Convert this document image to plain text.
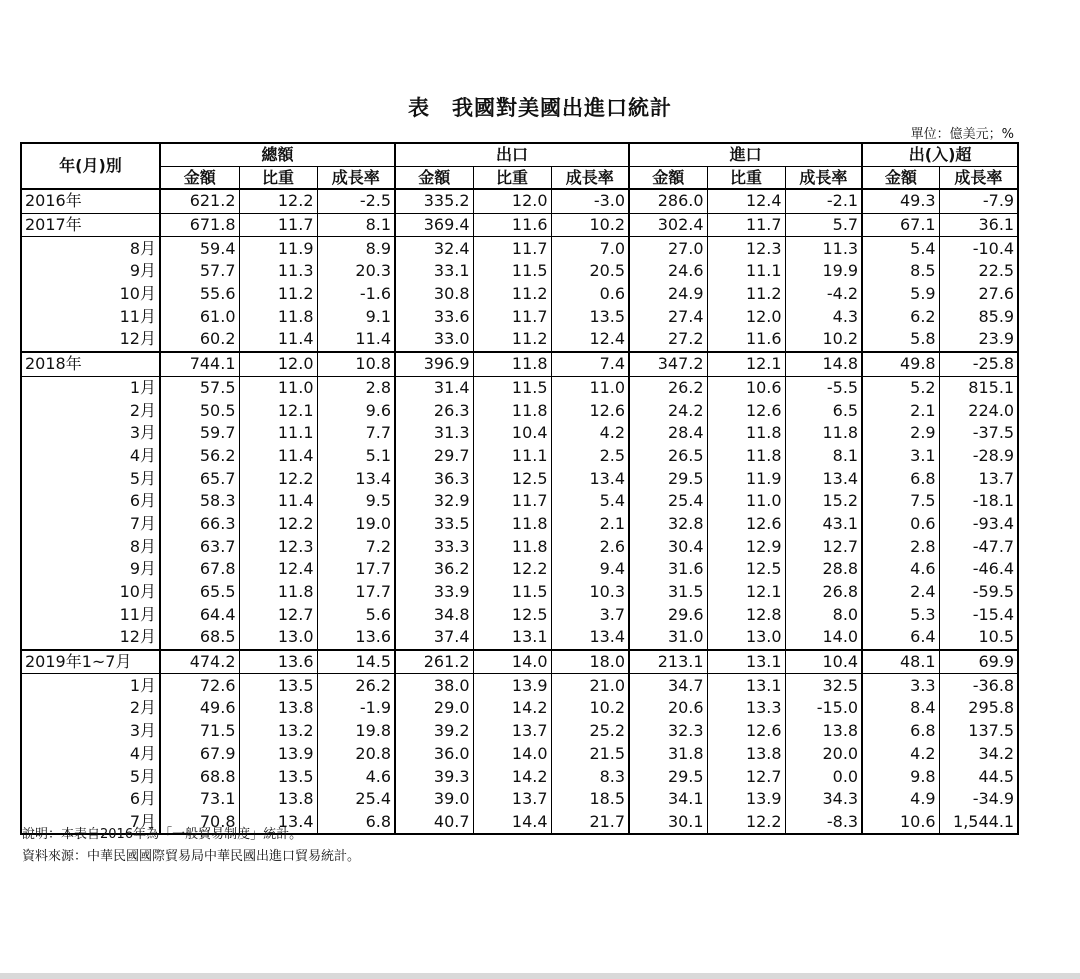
表 我國對美國出進口統計
單位：億美元；%
年(月)別	總額			出口			進口			出(入)超	
	金額	比重	成長率	金額	比重	成長率	金額	比重	成長率	金額	成長率
2016年	621.2	12.2	-2.5	335.2	12.0	-3.0	286.0	12.4	-2.1	49.3	-7.9
2017年	671.8	11.7	8.1	369.4	11.6	10.2	302.4	11.7	5.7	67.1	36.1
8月	59.4	11.9	8.9	32.4	11.7	7.0	27.0	12.3	11.3	5.4	-10.4
9月	57.7	11.3	20.3	33.1	11.5	20.5	24.6	11.1	19.9	8.5	22.5
10月	55.6	11.2	-1.6	30.8	11.2	0.6	24.9	11.2	-4.2	5.9	27.6
11月	61.0	11.8	9.1	33.6	11.7	13.5	27.4	12.0	4.3	6.2	85.9
12月	60.2	11.4	11.4	33.0	11.2	12.4	27.2	11.6	10.2	5.8	23.9
2018年	744.1	12.0	10.8	396.9	11.8	7.4	347.2	12.1	14.8	49.8	-25.8
1月	57.5	11.0	2.8	31.4	11.5	11.0	26.2	10.6	-5.5	5.2	815.1
2月	50.5	12.1	9.6	26.3	11.8	12.6	24.2	12.6	6.5	2.1	224.0
3月	59.7	11.1	7.7	31.3	10.4	4.2	28.4	11.8	11.8	2.9	-37.5
4月	56.2	11.4	5.1	29.7	11.1	2.5	26.5	11.8	8.1	3.1	-28.9
5月	65.7	12.2	13.4	36.3	12.5	13.4	29.5	11.9	13.4	6.8	13.7
6月	58.3	11.4	9.5	32.9	11.7	5.4	25.4	11.0	15.2	7.5	-18.1
7月	66.3	12.2	19.0	33.5	11.8	2.1	32.8	12.6	43.1	0.6	-93.4
8月	63.7	12.3	7.2	33.3	11.8	2.6	30.4	12.9	12.7	2.8	-47.7
9月	67.8	12.4	17.7	36.2	12.2	9.4	31.6	12.5	28.8	4.6	-46.4
10月	65.5	11.8	17.7	33.9	11.5	10.3	31.5	12.1	26.8	2.4	-59.5
11月	64.4	12.7	5.6	34.8	12.5	3.7	29.6	12.8	8.0	5.3	-15.4
12月	68.5	13.0	13.6	37.4	13.1	13.4	31.0	13.0	14.0	6.4	10.5
2019年1~7月	474.2	13.6	14.5	261.2	14.0	18.0	213.1	13.1	10.4	48.1	69.9
1月	72.6	13.5	26.2	38.0	13.9	21.0	34.7	13.1	32.5	3.3	-36.8
2月	49.6	13.8	-1.9	29.0	14.2	10.2	20.6	13.3	-15.0	8.4	295.8
3月	71.5	13.2	19.8	39.2	13.7	25.2	32.3	12.6	13.8	6.8	137.5
4月	67.9	13.9	20.8	36.0	14.0	21.5	31.8	13.8	20.0	4.2	34.2
5月	68.8	13.5	4.6	39.3	14.2	8.3	29.5	12.7	0.0	9.8	44.5
6月	73.1	13.8	25.4	39.0	13.7	18.5	34.1	13.9	34.3	4.9	-34.9
7月	70.8	13.4	6.8	40.7	14.4	21.7	30.1	12.2	-8.3	10.6	1,544.1
說明：本表自2016年為「一般貿易制度」統計。
資料來源：中華民國國際貿易局中華民國出進口貿易統計。
